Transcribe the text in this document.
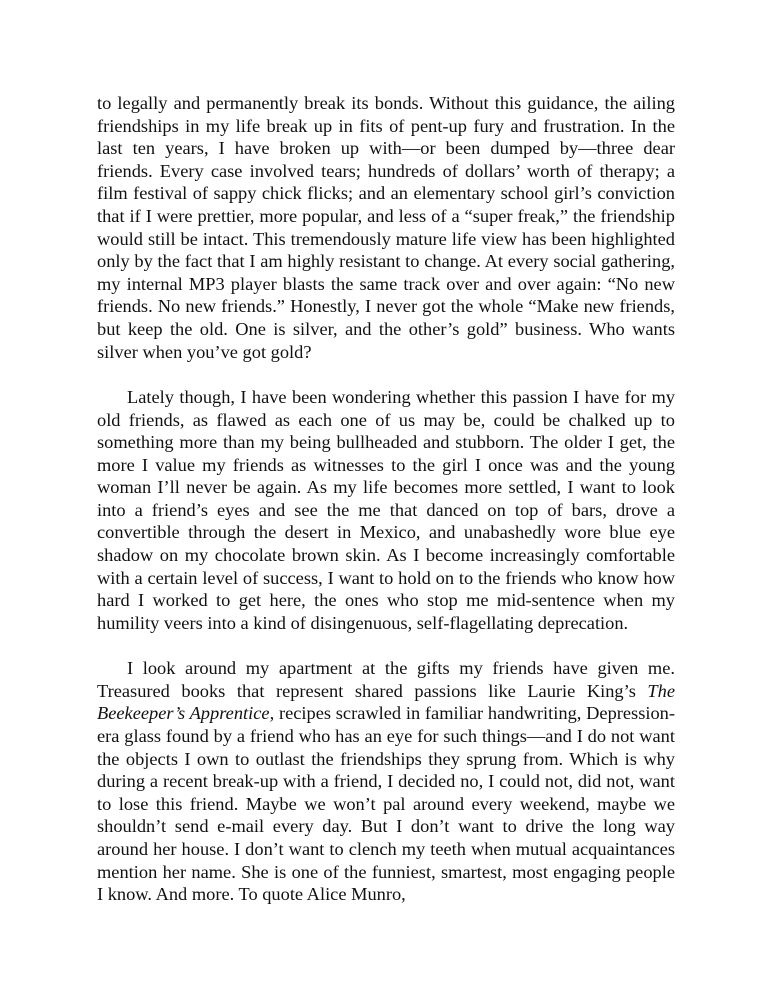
to legally and permanently break its bonds. Without this guidance, the ailing friendships in my life break up in fits of pent-up fury and frustration. In the last ten years, I have broken up with—or been dumped by—three dear friends. Every case involved tears; hundreds of dollars’ worth of therapy; a film festival of sappy chick flicks; and an elementary school girl’s conviction that if I were prettier, more popular, and less of a “super freak,” the friendship would still be intact. This tremendously mature life view has been highlighted only by the fact that I am highly resistant to change. At every social gathering, my internal MP3 player blasts the same track over and over again: “No new friends. No new friends.” Honestly, I never got the whole “Make new friends, but keep the old. One is silver, and the other’s gold” business. Who wants silver when you’ve got gold?

Lately though, I have been wondering whether this passion I have for my old friends, as flawed as each one of us may be, could be chalked up to something more than my being bullheaded and stubborn. The older I get, the more I value my friends as witnesses to the girl I once was and the young woman I’ll never be again. As my life becomes more settled, I want to look into a friend’s eyes and see the me that danced on top of bars, drove a convertible through the desert in Mexico, and unabashedly wore blue eye shadow on my chocolate brown skin. As I become increasingly comfortable with a certain level of success, I want to hold on to the friends who know how hard I worked to get here, the ones who stop me mid-sentence when my humility veers into a kind of disingenuous, self-flagellating deprecation.

I look around my apartment at the gifts my friends have given me. Treasured books that represent shared passions like Laurie King’s The Beekeeper’s Apprentice, recipes scrawled in familiar handwriting, Depression-era glass found by a friend who has an eye for such things—and I do not want the objects I own to outlast the friendships they sprung from. Which is why during a recent break-up with a friend, I decided no, I could not, did not, want to lose this friend. Maybe we won’t pal around every weekend, maybe we shouldn’t send e-mail every day. But I don’t want to drive the long way around her house. I don’t want to clench my teeth when mutual acquaintances mention her name. She is one of the funniest, smartest, most engaging people I know. And more. To quote Alice Munro,
